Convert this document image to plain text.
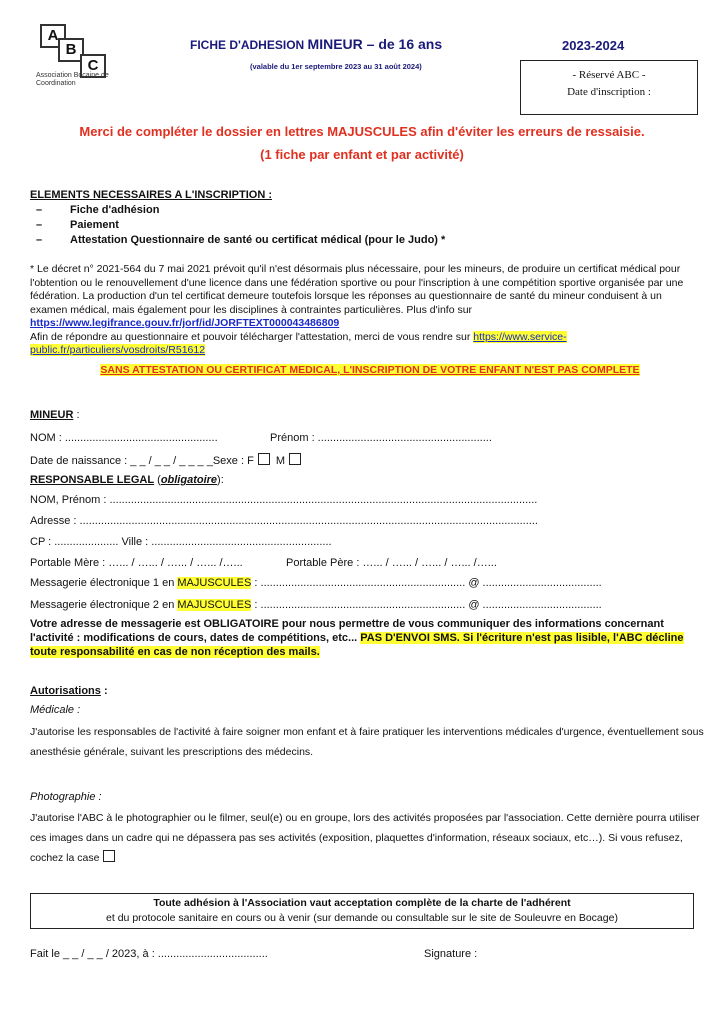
A
B
C
Association Bocaine de Coordination
FICHE D'ADHESION MINEUR – de 16 ans
(valable du 1er septembre 2023 au 31 août 2024)
2023-2024
- Réservé ABC -
Date d'inscription :
Merci de compléter le dossier en lettres MAJUSCULES afin d'éviter les erreurs de ressaisie.
(1 fiche par enfant et par activité)
ELEMENTS NECESSAIRES A L'INSCRIPTION :
–	Fiche d'adhésion
–	Paiement
–	Attestation Questionnaire de santé ou certificat médical (pour le Judo) *
* Le décret n° 2021-564 du 7 mai 2021 prévoit qu'il n'est désormais plus nécessaire, pour les mineurs, de produire un certificat médical pour l'obtention ou le renouvellement d'une licence dans une fédération sportive ou pour l'inscription à une compétition sportive organisée par une fédération. La production d'un tel certificat demeure toutefois lorsque les réponses au questionnaire de santé du mineur conduisent à un examen médical, mais également pour les disciplines à contraintes particulières. Plus d'info sur https://www.legifrance.gouv.fr/jorf/id/JORFTEXT000043486809
Afin de répondre au questionnaire et pouvoir télécharger l'attestation, merci de vous rendre sur https://www.service-public.fr/particuliers/vosdroits/R51612
SANS ATTESTATION OU CERTIFICAT MEDICAL, L'INSCRIPTION DE VOTRE ENFANT N'EST PAS COMPLETE
MINEUR :
NOM : ..................................................	Prénom : .........................................................
Date de naissance : _ _ / _ _ / _ _ _ _Sexe : F M
RESPONSABLE LEGAL (obligatoire):
NOM, Prénom : ............................................................................................................................................
Adresse : ......................................................................................................................................................
CP : ..................... Ville : ...........................................................
Portable Mère : …... / …... / …... / …... /…...	Portable Père : …... / …... / …... / …... /…...
Messagerie électronique 1 en MAJUSCULES : ................................................................... @ .......................................
Messagerie électronique 2 en MAJUSCULES : ................................................................... @ .......................................
Votre adresse de messagerie est OBLIGATOIRE pour nous permettre de vous communiquer des informations concernant l'activité : modifications de cours, dates de compétitions, etc... PAS D'ENVOI SMS. Si l'écriture n'est pas lisible, l'ABC décline toute responsabilité en cas de non réception des mails.
Autorisations :
Médicale :
J'autorise les responsables de l'activité à faire soigner mon enfant et à faire pratiquer les interventions médicales d'urgence, éventuellement sous anesthésie générale, suivant les prescriptions des médecins.
Photographie :
J'autorise l'ABC à le photographier ou le filmer, seul(e) ou en groupe, lors des activités proposées par l'association. Cette dernière pourra utiliser ces images dans un cadre qui ne dépassera pas ses activités (exposition, plaquettes d'information, réseaux sociaux, etc…). Si vous refusez, cochez la case
Toute adhésion à l'Association vaut acceptation complète de la charte de l'adhérent
et du protocole sanitaire en cours ou à venir (sur demande ou consultable sur le site de Souleuvre en Bocage)
Fait le _ _ / _ _ / 2023, à : ....................................	Signature :
